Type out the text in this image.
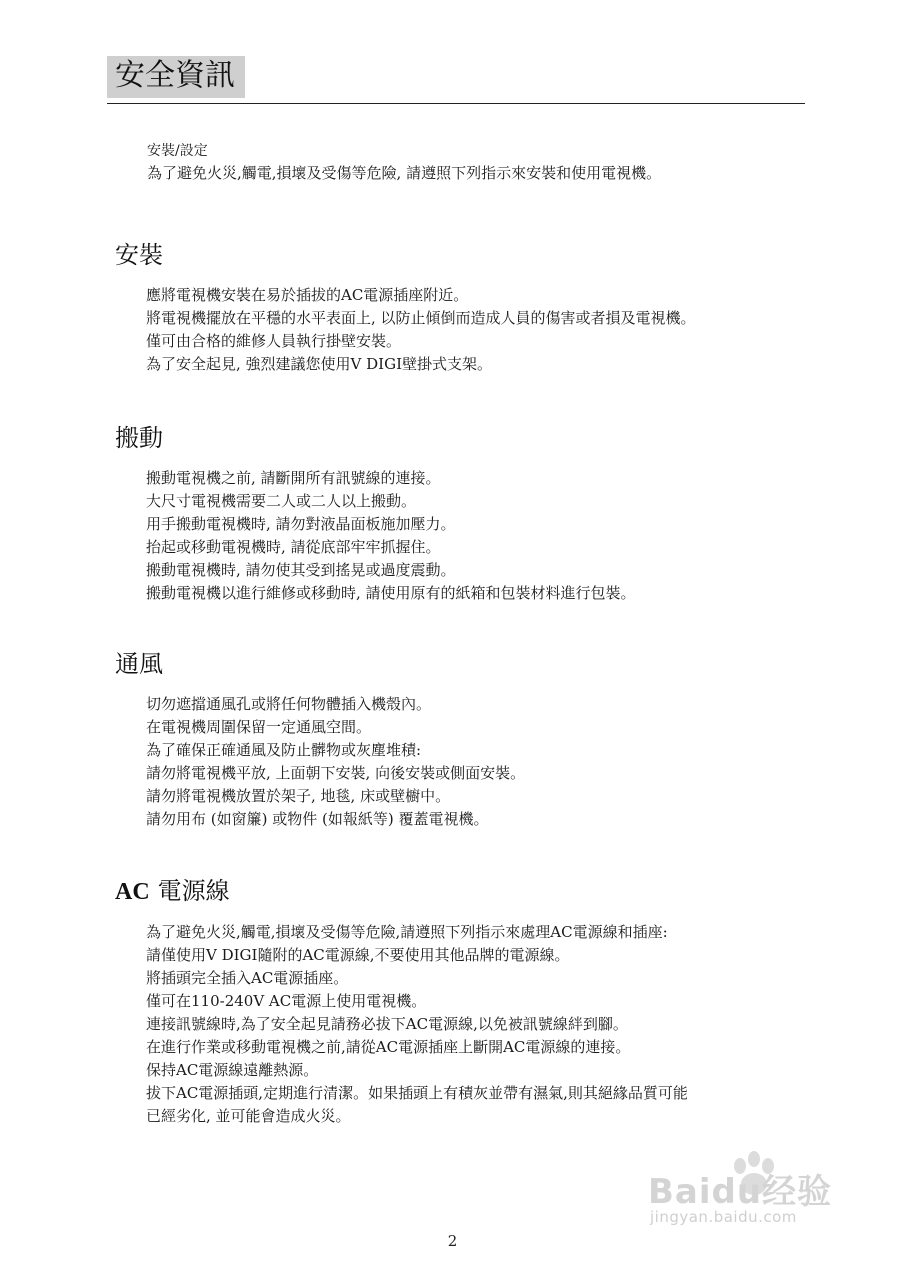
安全資訊
安裝/設定
為了避免火災,觸電,損壞及受傷等危險, 請遵照下列指示來安裝和使用電視機。
安裝
應將電視機安裝在易於插拔的AC電源插座附近。
將電視機擺放在平穩的水平表面上, 以防止傾倒而造成人員的傷害或者損及電視機。
僅可由合格的維修人員執行掛壁安裝。
為了安全起見, 強烈建議您使用V DIGI壁掛式支架。
搬動
搬動電視機之前, 請斷開所有訊號線的連接。
大尺寸電視機需要二人或二人以上搬動。
用手搬動電視機時, 請勿對液晶面板施加壓力。
抬起或移動電視機時, 請從底部牢牢抓握住。
搬動電視機時, 請勿使其受到搖晃或過度震動。
搬動電視機以進行維修或移動時, 請使用原有的紙箱和包裝材料進行包裝。
通風
切勿遮擋通風孔或將任何物體插入機殼內。
在電視機周圍保留一定通風空間。
為了確保正確通風及防止髒物或灰塵堆積:
請勿將電視機平放, 上面朝下安裝, 向後安裝或側面安裝。
請勿將電視機放置於架子, 地毯, 床或壁櫥中。
請勿用布 (如窗簾) 或物件 (如報紙等) 覆蓋電視機。
AC 電源線
為了避免火災,觸電,損壞及受傷等危險,請遵照下列指示來處理AC電源線和插座:
請僅使用V DIGI隨附的AC電源線,不要使用其他品牌的電源線。
將插頭完全插入AC電源插座。
僅可在110-240V AC電源上使用電視機。
連接訊號線時,為了安全起見請務必拔下AC電源線,以免被訊號線絆到腳。
在進行作業或移動電視機之前,請從AC電源插座上斷開AC電源線的連接。
保持AC電源線遠離熱源。
拔下AC電源插頭,定期進行清潔。如果插頭上有積灰並帶有濕氣,則其絕緣品質可能
已經劣化, 並可能會造成火災。
Baidu经验
jingyan.baidu.com
2
